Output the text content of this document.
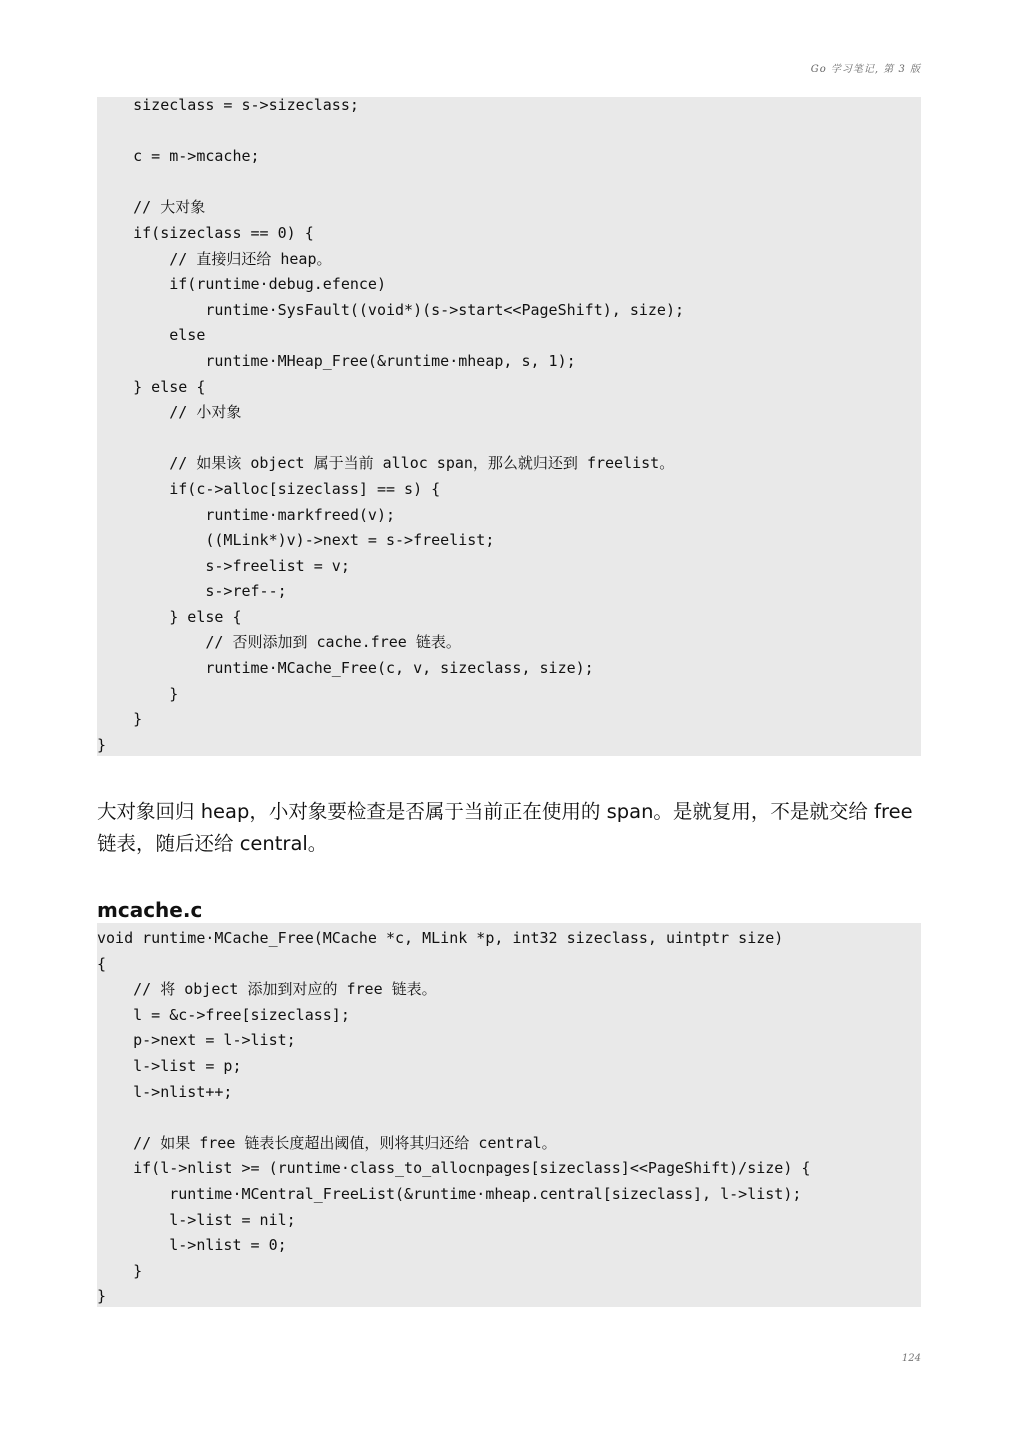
Go 学习笔记, 第 3 版
sizeclass = s->sizeclass;
c = m->mcache;
// 大对象
if(sizeclass == 0) {
// 直接归还给 heap。
if(runtime·debug.efence)
runtime·SysFault((void*)(s->start<<PageShift), size);
else
runtime·MHeap_Free(&runtime·mheap, s, 1);
} else {
// 小对象
// 如果该 object 属于当前 alloc span，那么就归还到 freelist。
if(c->alloc[sizeclass] == s) {
runtime·markfreed(v);
((MLink*)v)->next = s->freelist;
s->freelist = v;
s->ref--;
} else {
// 否则添加到 cache.free 链表。
runtime·MCache_Free(c, v, sizeclass, size);
}
}
}

大对象回归 heap，小对象要检查是否属于当前正在使用的 span。是就复用，不是就交给 free 链表，随后还给 central。

mcache.c
void runtime·MCache_Free(MCache *c, MLink *p, int32 sizeclass, uintptr size)
{
// 将 object 添加到对应的 free 链表。
l = &c->free[sizeclass];
p->next = l->list;
l->list = p;
l->nlist++;
// 如果 free 链表长度超出阈值，则将其归还给 central。
if(l->nlist >= (runtime·class_to_allocnpages[sizeclass]<<PageShift)/size) {
runtime·MCentral_FreeList(&runtime·mheap.central[sizeclass], l->list);
l->list = nil;
l->nlist = 0;
}
}
124
